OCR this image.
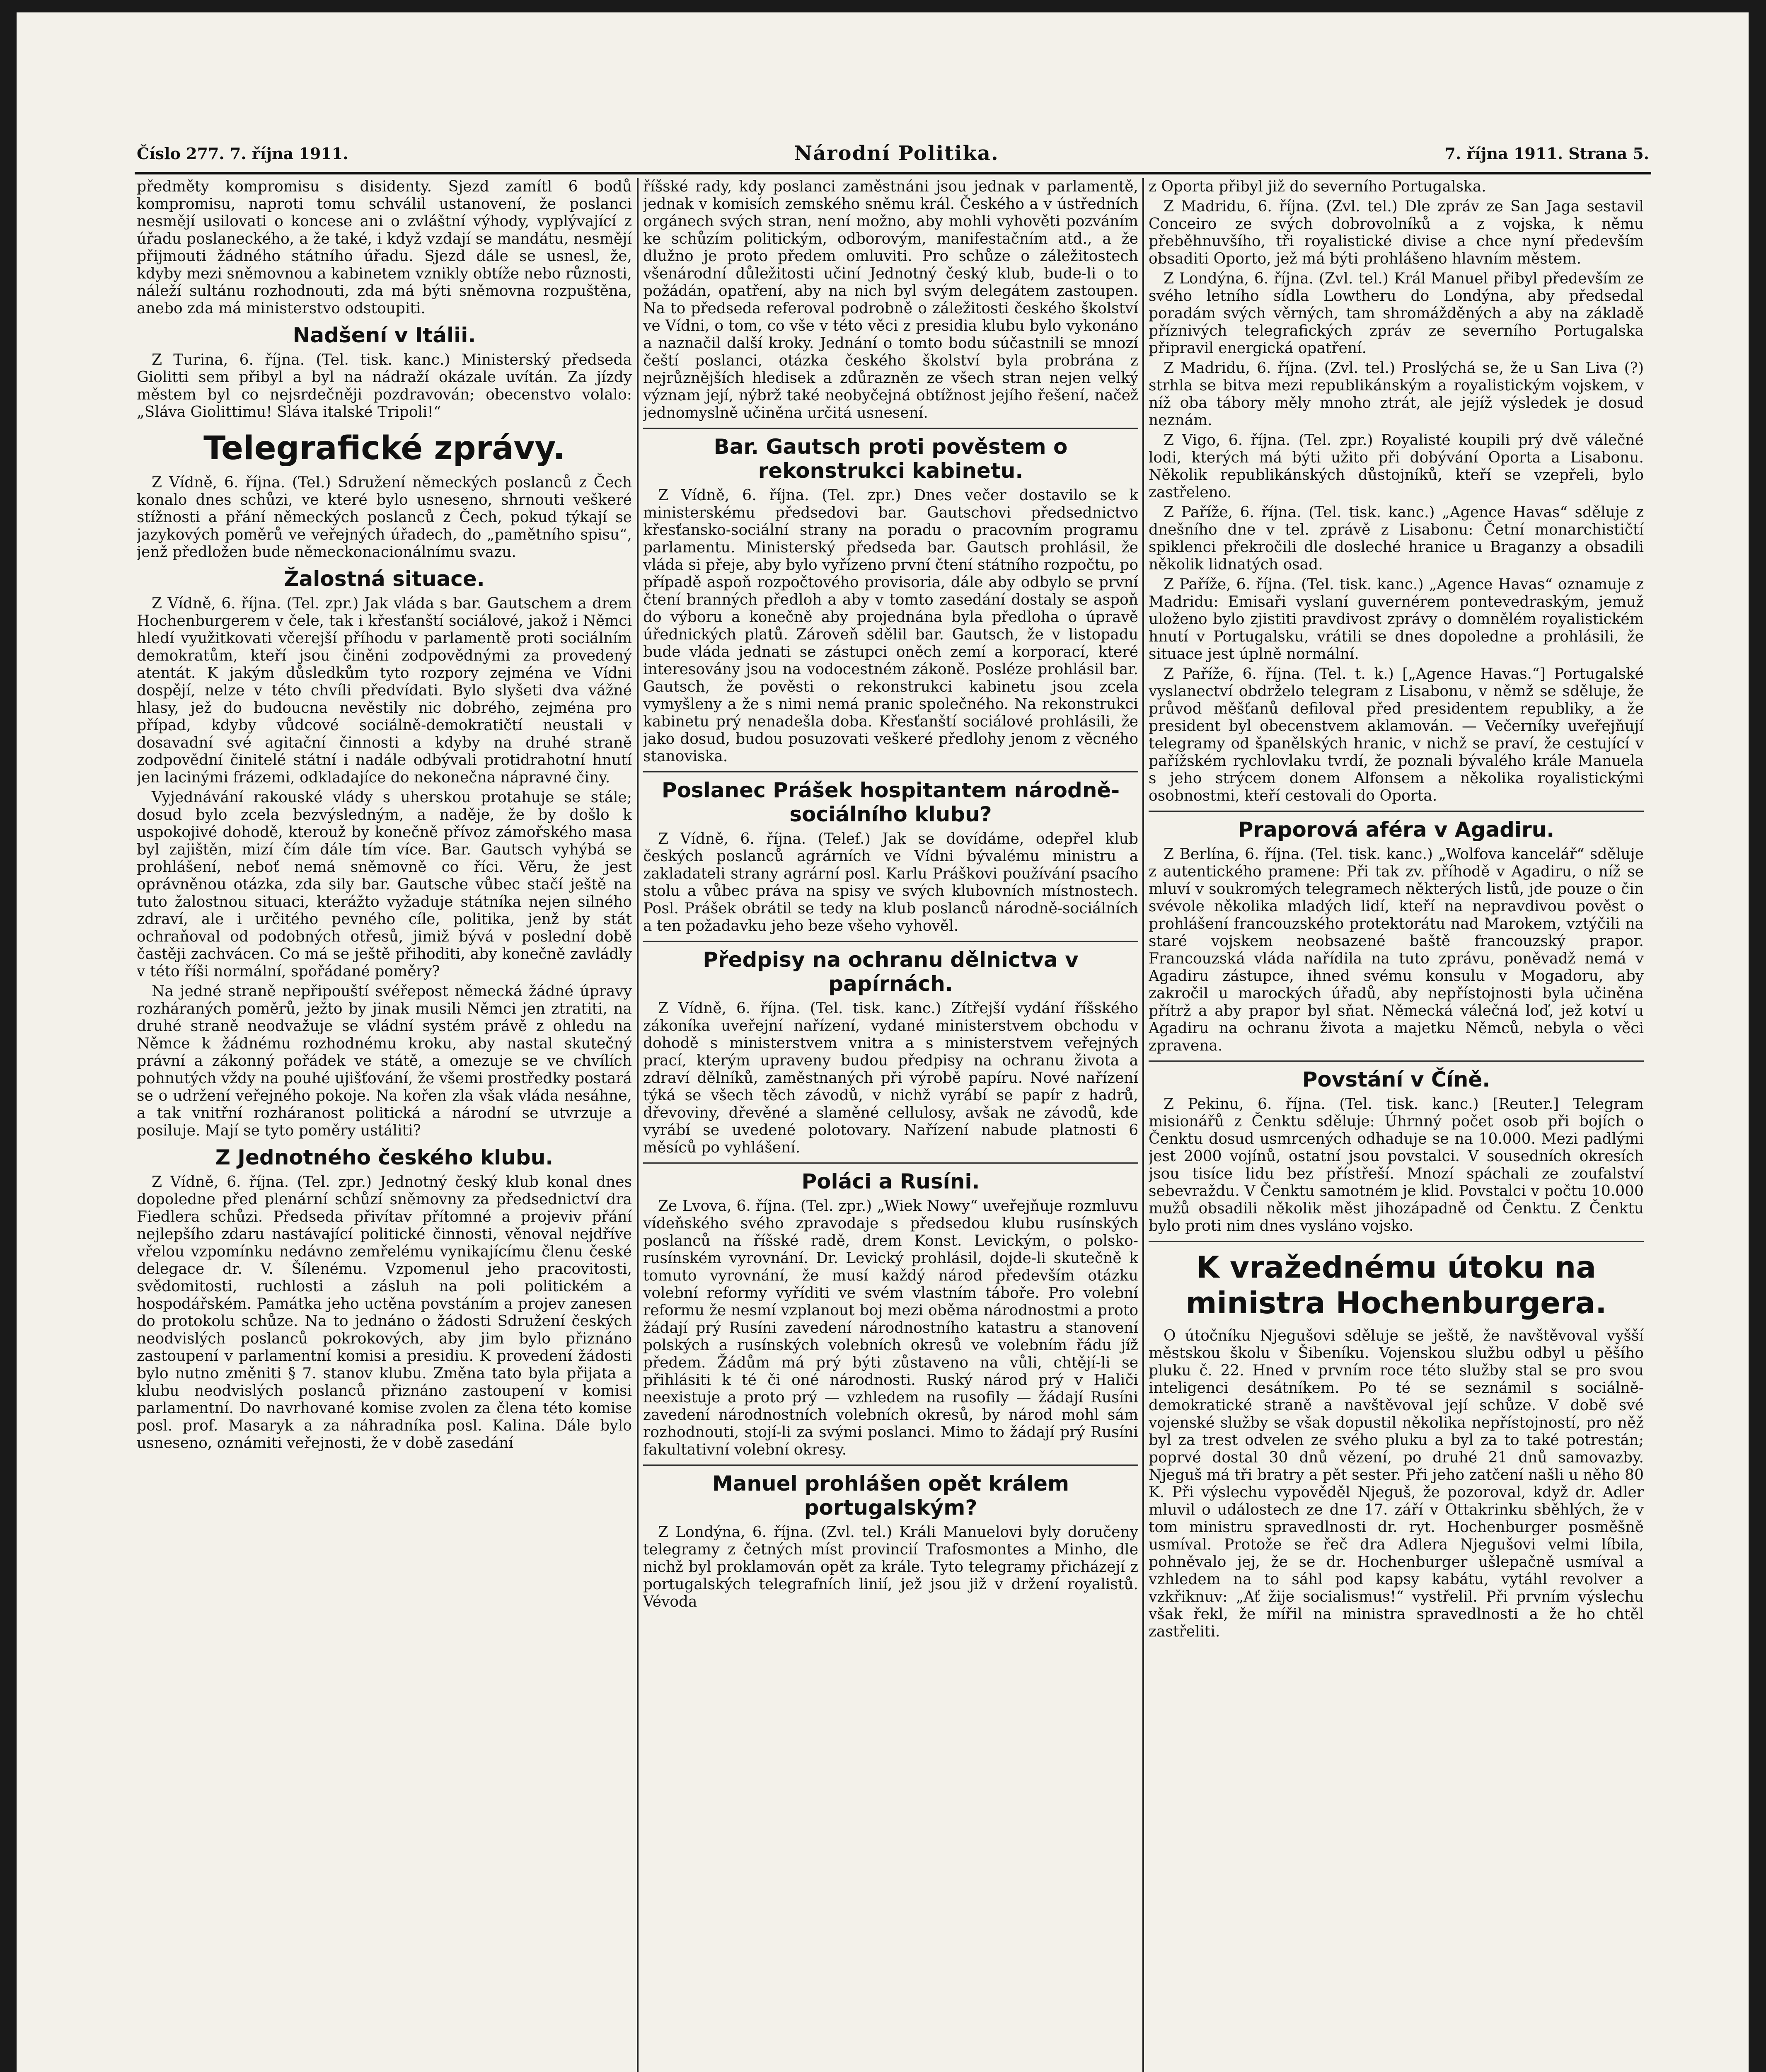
Číslo 277. 7. října 1911.	Národní Politika.	7. října 1911. Strana 5.

předměty kompromisu s disidenty. Sjezd zamítl 6 bodů kompromisu, naproti tomu schválil ustanovení, že poslanci nesmějí usilovati o koncese ani o zvláštní výhody, vyplývající z úřadu poslaneckého, a že také, i když vzdají se mandátu, nesmějí přijmouti žádného státního úřadu. Sjezd dále se usnesl, že, kdyby mezi sněmovnou a kabinetem vznikly obtíže nebo různosti, náleží sultánu rozhodnouti, zda má býti sněmovna rozpuštěna, anebo zda má ministerstvo odstoupiti.

Nadšení v Itálii.

Z Turina, 6. října. (Tel. tisk. kanc.) Ministerský předseda Giolitti sem přibyl a byl na nádraží okázale uvítán. Za jízdy městem byl co nejsrdečněji pozdravován; obecenstvo volalo: „Sláva Giolittimu! Sláva italské Tripoli!“

Telegrafické zprávy.

Z Vídně, 6. října. (Tel.) Sdružení německých poslanců z Čech konalo dnes schůzi, ve které bylo usneseno, shrnouti veškeré stížnosti a přání německých poslanců z Čech, pokud týkají se jazykových poměrů ve veřejných úřadech, do „pamětního spisu“, jenž předložen bude německonacionálnímu svazu.

Žalostná situace.

Z Vídně, 6. října. (Tel. zpr.) Jak vláda s bar. Gautschem a drem Hochenburgerem v čele, tak i křesťanští sociálové, jakož i Němci hledí využitkovati včerejší příhodu v parlamentě proti sociálním demokratům, kteří jsou činěni zodpovědnými za provedený atentát. K jakým důsledkům tyto rozpory zejména ve Vídni dospějí, nelze v této chvíli předvídati. Bylo slyšeti dva vážné hlasy, jež do budoucna nevěstily nic dobrého, zejména pro případ, kdyby vůdcové sociálně-demokratičtí neustali v dosavadní své agitační činnosti a kdyby na druhé straně zodpovědní činitelé státní i nadále odbývali protidrahotní hnutí jen lacinými frázemi, odkladajíce do nekonečna nápravné činy.

Vyjednávání rakouské vlády s uherskou protahuje se stále; dosud bylo zcela bezvýsledným, a naděje, že by došlo k uspokojivé dohodě, kterouž by konečně přívoz zámořského masa byl zajištěn, mizí čím dále tím více. Bar. Gautsch vyhýbá se prohlášení, neboť nemá sněmovně co říci. Věru, že jest oprávněnou otázka, zda sily bar. Gautsche vůbec stačí ještě na tuto žalostnou situaci, kterážto vyžaduje státníka nejen silného zdraví, ale i určitého pevného cíle, politika, jenž by stát ochraňoval od podobných otřesů, jimiž bývá v poslední době častěji zachvácen. Co má se ještě přihoditi, aby konečně zavládly v této říši normální, spořádané poměry?

Na jedné straně nepřipouští svéřepost německá žádné úpravy rozháraných poměrů, ježto by jinak musili Němci jen ztratiti, na druhé straně neodvažuje se vládní systém právě z ohledu na Němce k žádnému rozhodnému kroku, aby nastal skutečný právní a zákonný pořádek ve státě, a omezuje se ve chvílích pohnutých vždy na pouhé ujišťování, že všemi prostředky postará se o udržení veřejného pokoje. Na kořen zla však vláda nesáhne, a tak vnitřní rozháranost politická a národní se utvrzuje a posiluje. Mají se tyto poměry ustáliti?

Z Jednotného českého klubu.

Z Vídně, 6. října. (Tel. zpr.) Jednotný český klub konal dnes dopoledne před plenární schůzí sněmovny za předsednictví dra Fiedlera schůzi. Předseda přivítav přítomné a projeviv přání nejlepšího zdaru nastávající politické činnosti, věnoval nejdříve vřelou vzpomínku nedávno zemřelému vynikajícímu členu české delegace dr. V. Šílenému. Vzpomenul jeho pracovitosti, svědomitosti, ruchlosti a zásluh na poli politickém a hospodářském. Památka jeho uctěna povstáním a projev zanesen do protokolu schůze. Na to jednáno o žádosti Sdružení českých neodvislých poslanců pokrokových, aby jim bylo přiznáno zastoupení v parlamentní komisi a presidiu. K provedení žádosti bylo nutno změniti § 7. stanov klubu. Změna tato byla přijata a klubu neodvislých poslanců přiznáno zastoupení v komisi parlamentní. Do navrhované komise zvolen za člena této komise posl. prof. Masaryk a za náhradníka posl. Kalina. Dále bylo usneseno, oznámiti veřejnosti, že v době zasedání

říšské rady, kdy poslanci zaměstnáni jsou jednak v parlamentě, jednak v komisích zemského sněmu král. Českého a v ústředních orgánech svých stran, není možno, aby mohli vyhověti pozváním ke schůzím politickým, odborovým, manifestačním atd., a že dlužno je proto předem omluviti. Pro schůze o záležitostech všenárodní důležitosti učiní Jednotný český klub, bude-li o to požádán, opatření, aby na nich byl svým delegátem zastoupen. Na to předseda referoval podrobně o záležitosti českého školství ve Vídni, o tom, co vše v této věci z presidia klubu bylo vykonáno a naznačil další kroky. Jednání o tomto bodu súčastnili se mnozí čeští poslanci, otázka českého školství byla probrána z nejrůznějších hledisek a zdůrazněn ze všech stran nejen velký význam její, nýbrž také neobyčejná obtížnost jejího řešení, načež jednomyslně učiněna určitá usnesení.

Bar. Gautsch proti pověstem o rekonstrukci kabinetu.

Z Vídně, 6. října. (Tel. zpr.) Dnes večer dostavilo se k ministerskému předsedovi bar. Gautschovi předsednictvo křesťansko-sociální strany na poradu o pracovním programu parlamentu. Ministerský předseda bar. Gautsch prohlásil, že vláda si přeje, aby bylo vyřízeno první čtení státního rozpočtu, po případě aspoň rozpočtového provisoria, dále aby odbylo se první čtení branných předloh a aby v tomto zasedání dostaly se aspoň do výboru a konečně aby projednána byla předloha o úpravě úřednických platů. Zároveň sdělil bar. Gautsch, že v listopadu bude vláda jednati se zástupci oněch zemí a korporací, které interesovány jsou na vodocestném zákoně. Posléze prohlásil bar. Gautsch, že pověsti o rekonstrukci kabinetu jsou zcela vymyšleny a že s nimi nemá pranic společného. Na rekonstrukci kabinetu prý nenadešla doba. Křesťanští sociálové prohlásili, že jako dosud, budou posuzovati veškeré předlohy jenom z věcného stanoviska.

Poslanec Prášek hospitantem národně-sociálního klubu?

Z Vídně, 6. října. (Telef.) Jak se dovídáme, odepřel klub českých poslanců agrárních ve Vídni bývalému ministru a zakladateli strany agrární posl. Karlu Práškovi používání psacího stolu a vůbec práva na spisy ve svých klubovních místnostech. Posl. Prášek obrátil se tedy na klub poslanců národně-sociálních a ten požadavku jeho beze všeho vyhověl.

Předpisy na ochranu dělnictva v papírnách.

Z Vídně, 6. října. (Tel. tisk. kanc.) Zítřejší vydání říšského zákoníka uveřejní nařízení, vydané ministerstvem obchodu v dohodě s ministerstvem vnitra a s ministerstvem veřejných prací, kterým upraveny budou předpisy na ochranu života a zdraví dělníků, zaměstnaných při výrobě papíru. Nové nařízení týká se všech těch závodů, v nichž vyrábí se papír z hadrů, dřevoviny, dřevěné a slaměné cellulosy, avšak ne závodů, kde vyrábí se uvedené polotovary. Nařízení nabude platnosti 6 měsíců po vyhlášení.

Poláci a Rusíni.

Ze Lvova, 6. října. (Tel. zpr.) „Wiek Nowy“ uveřejňuje rozmluvu vídeňského svého zpravodaje s předsedou klubu rusínských poslanců na říšské radě, drem Konst. Levickým, o polsko-rusínském vyrovnání. Dr. Levický prohlásil, dojde-li skutečně k tomuto vyrovnání, že musí každý národ především otázku volební reformy vyříditi ve svém vlastním táboře. Pro volební reformu že nesmí vzplanout boj mezi oběma národnostmi a proto žádají prý Rusíni zavedení národnostního katastru a stanovení polských a rusínských volebních okresů ve volebním řádu jíž předem. Žádům má prý býti zůstaveno na vůli, chtějí-li se přihlásiti k té či oné národnosti. Ruský národ prý v Haliči neexistuje a proto prý — vzhledem na rusofily — žádají Rusíni zavedení národnostních volebních okresů, by národ mohl sám rozhodnouti, stojí-li za svými poslanci. Mimo to žádají prý Rusíni fakultativní volební okresy.

Manuel prohlášen opět králem portugalským?

Z Londýna, 6. října. (Zvl. tel.) Králi Manuelovi byly doručeny telegramy z četných míst provincií Trafosmontes a Minho, dle nichž byl proklamován opět za krále. Tyto telegramy přicházejí z portugalských telegrafních linií, jež jsou již v držení royalistů. Vévoda

z Oporta přibyl již do severního Portugalska.

Z Madridu, 6. října. (Zvl. tel.) Dle zpráv ze San Jaga sestavil Conceiro ze svých dobrovolníků a z vojska, k němu přeběhnuvšího, tři royalistické divise a chce nyní především obsaditi Oporto, jež má býti prohlášeno hlavním městem.

Z Londýna, 6. října. (Zvl. tel.) Král Manuel přibyl především ze svého letního sídla Lowtheru do Londýna, aby předsedal poradám svých věrných, tam shromážděných a aby na základě příznivých telegrafických zpráv ze severního Portugalska připravil energická opatření.

Z Madridu, 6. října. (Zvl. tel.) Proslýchá se, že u San Liva (?) strhla se bitva mezi republikánským a royalistickým vojskem, v níž oba tábory měly mnoho ztrát, ale jejíž výsledek je dosud neznám.

Z Vigo, 6. října. (Tel. zpr.) Royalisté koupili prý dvě válečné lodi, kterých má býti užito při dobývání Oporta a Lisabonu. Několik republikánských důstojníků, kteří se vzepřeli, bylo zastřeleno.

Z Paříže, 6. října. (Tel. tisk. kanc.) „Agence Havas“ sděluje z dnešního dne v tel. zprávě z Lisabonu: Četní monarchističtí spiklenci překročili dle dosleché hranice u Braganzy a obsadili několik lidnatých osad.

Z Paříže, 6. října. (Tel. tisk. kanc.) „Agence Havas“ oznamuje z Madridu: Emisaři vyslaní guvernérem pontevedraským, jemuž uloženo bylo zjistiti pravdivost zprávy o domnělém royalistickém hnutí v Portugalsku, vrátili se dnes dopoledne a prohlásili, že situace jest úplně normální.

Z Paříže, 6. října. (Tel. t. k.) [„Agence Havas.“] Portugalské vyslanectví obdrželo telegram z Lisabonu, v němž se sděluje, že průvod měšťanů defiloval před presidentem republiky, a že president byl obecenstvem aklamován. — Večerníky uveřejňují telegramy od španělských hranic, v nichž se praví, že cestující v pařížském rychlovlaku tvrdí, že poznali bývalého krále Manuela s jeho strýcem donem Alfonsem a několika royalistickými osobnostmi, kteří cestovali do Oporta.

Praporová aféra v Agadiru.

Z Berlína, 6. října. (Tel. tisk. kanc.) „Wolfova kancelář“ sděluje z autentického pramene: Při tak zv. příhodě v Agadiru, o níž se mluví v soukromých telegramech některých listů, jde pouze o čin svévole několika mladých lidí, kteří na nepravdivou pověst o prohlášení francouzského protektorátu nad Marokem, vztýčili na staré vojskem neobsazené baště francouzský prapor. Francouzská vláda nařídila na tuto zprávu, poněvadž nemá v Agadiru zástupce, ihned svému konsulu v Mogadoru, aby zakročil u marockých úřadů, aby nepřístojnosti byla učiněna přítrž a aby prapor byl sňat. Německá válečná loď, jež kotví u Agadiru na ochranu života a majetku Němců, nebyla o věci zpravena.

Povstání v Číně.

Z Pekinu, 6. října. (Tel. tisk. kanc.) [Reuter.] Telegram misionářů z Čenktu sděluje: Úhrnný počet osob při bojích o Čenktu dosud usmrcených odhaduje se na 10.000. Mezi padlými jest 2000 vojínů, ostatní jsou povstalci. V sousedních okresích jsou tisíce lidu bez přístřeší. Mnozí spáchali ze zoufalství sebevraždu. V Čenktu samotném je klid. Povstalci v počtu 10.000 mužů obsadili několik měst jihozápadně od Čenktu. Z Čenktu bylo proti nim dnes vysláno vojsko.

K vražednému útoku na ministra Hochenburgera.

O útočníku Njegušovi sděluje se ještě, že navštěvoval vyšší městskou školu v Šibeníku. Vojenskou službu odbyl u pěšího pluku č. 22. Hned v prvním roce této služby stal se pro svou inteligenci desátníkem. Po té se seznámil s sociálně-demokratické straně a navštěvoval její schůze. V době své vojenské služby se však dopustil několika nepřístojností, pro něž byl za trest odvelen ze svého pluku a byl za to také potrestán; poprvé dostal 30 dnů vězení, po druhé 21 dnů samovazby. Njeguš má tři bratry a pět sester. Při jeho zatčení našli u něho 80 K. Při výslechu vypověděl Njeguš, že pozoroval, když dr. Adler mluvil o událostech ze dne 17. září v Ottakrinku sběhlých, že v tom ministru spravedlnosti dr. ryt. Hochenburger posměšně usmíval. Protože se řeč dra Adlera Njegušovi velmi líbila, pohněvalo jej, že se dr. Hochenburger ušlepačně usmíval a vzhledem na to sáhl pod kapsy kabátu, vytáhl revolver a vzkřiknuv: „Ať žije socialismus!“ vystřelil. Při prvním výslechu však řekl, že mířil na ministra spravedlnosti a že ho chtěl zastřeliti.
